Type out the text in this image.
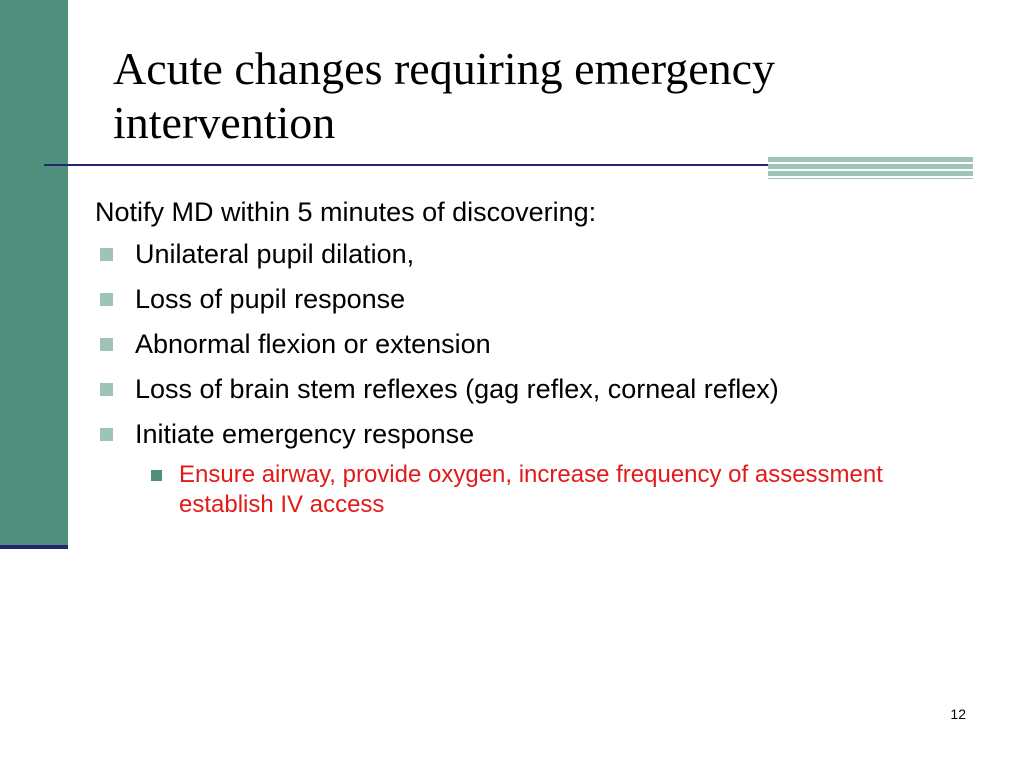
Acute changes requiring emergency intervention
Notify MD within 5 minutes of discovering:
Unilateral pupil dilation,
Loss of pupil response
Abnormal flexion or extension
Loss of brain stem reflexes (gag reflex, corneal reflex)
Initiate emergency response
Ensure airway, provide oxygen, increase frequency of assessment establish IV access
12
